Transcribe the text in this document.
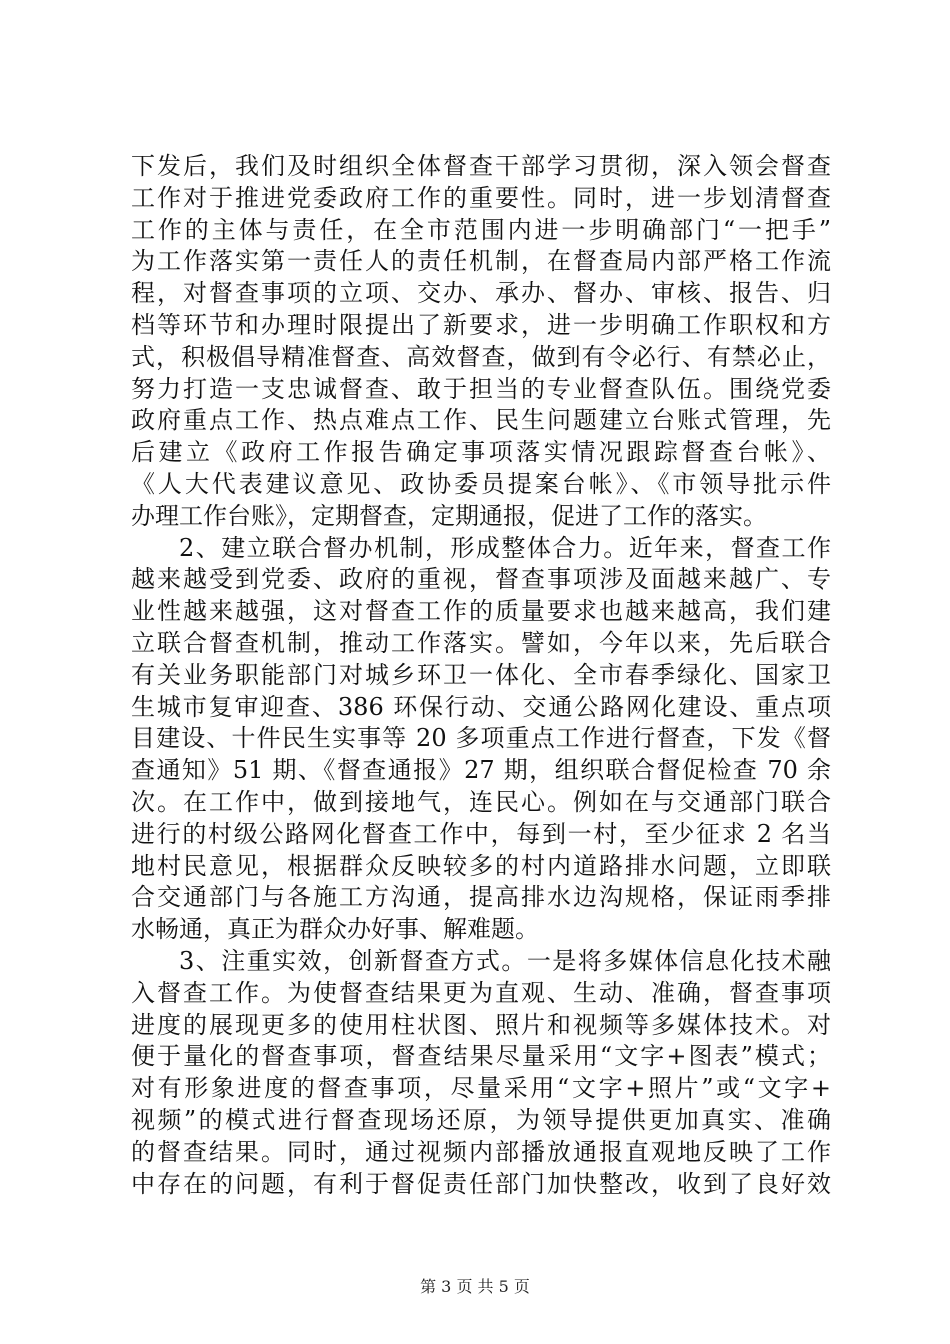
下发后，我们及时组织全体督查干部学习贯彻，深入领会督查
工作对于推进党委政府工作的重要性。同时，进一步划清督查
工作的主体与责任，在全市范围内进一步明确部门“一把手”
为工作落实第一责任人的责任机制，在督查局内部严格工作流
程，对督查事项的立项、交办、承办、督办、审核、报告、归
档等环节和办理时限提出了新要求，进一步明确工作职权和方
式，积极倡导精准督查、高效督查，做到有令必行、有禁必止，
努力打造一支忠诚督查、敢于担当的专业督查队伍。围绕党委
政府重点工作、热点难点工作、民生问题建立台账式管理，先
后建立《政府工作报告确定事项落实情况跟踪督查台帐》、
《人大代表建议意见、政协委员提案台帐》、《市领导批示件
办理工作台账》，定期督查，定期通报，促进了工作的落实。
2、建立联合督办机制，形成整体合力。近年来，督查工作
越来越受到党委、政府的重视，督查事项涉及面越来越广、专
业性越来越强，这对督查工作的质量要求也越来越高，我们建
立联合督查机制，推动工作落实。譬如，今年以来，先后联合
有关业务职能部门对城乡环卫一体化、全市春季绿化、国家卫
生城市复审迎查、386 环保行动、交通公路网化建设、重点项
目建设、十件民生实事等 20 多项重点工作进行督查，下发《督
查通知》51 期、《督查通报》27 期，组织联合督促检查 70 余
次。在工作中，做到接地气，连民心。例如在与交通部门联合
进行的村级公路网化督查工作中，每到一村，至少征求 2 名当
地村民意见，根据群众反映较多的村内道路排水问题，立即联
合交通部门与各施工方沟通，提高排水边沟规格，保证雨季排
水畅通，真正为群众办好事、解难题。
3、注重实效，创新督查方式。一是将多媒体信息化技术融
入督查工作。为使督查结果更为直观、生动、准确，督查事项
进度的展现更多的使用柱状图、照片和视频等多媒体技术。对
便于量化的督查事项，督查结果尽量采用“文字+图表”模式；
对有形象进度的督查事项，尽量采用“文字+照片”或“文字+
视频”的模式进行督查现场还原，为领导提供更加真实、准确
的督查结果。同时，通过视频内部播放通报直观地反映了工作
中存在的问题，有利于督促责任部门加快整改，收到了良好效
第 3 页 共 5 页
